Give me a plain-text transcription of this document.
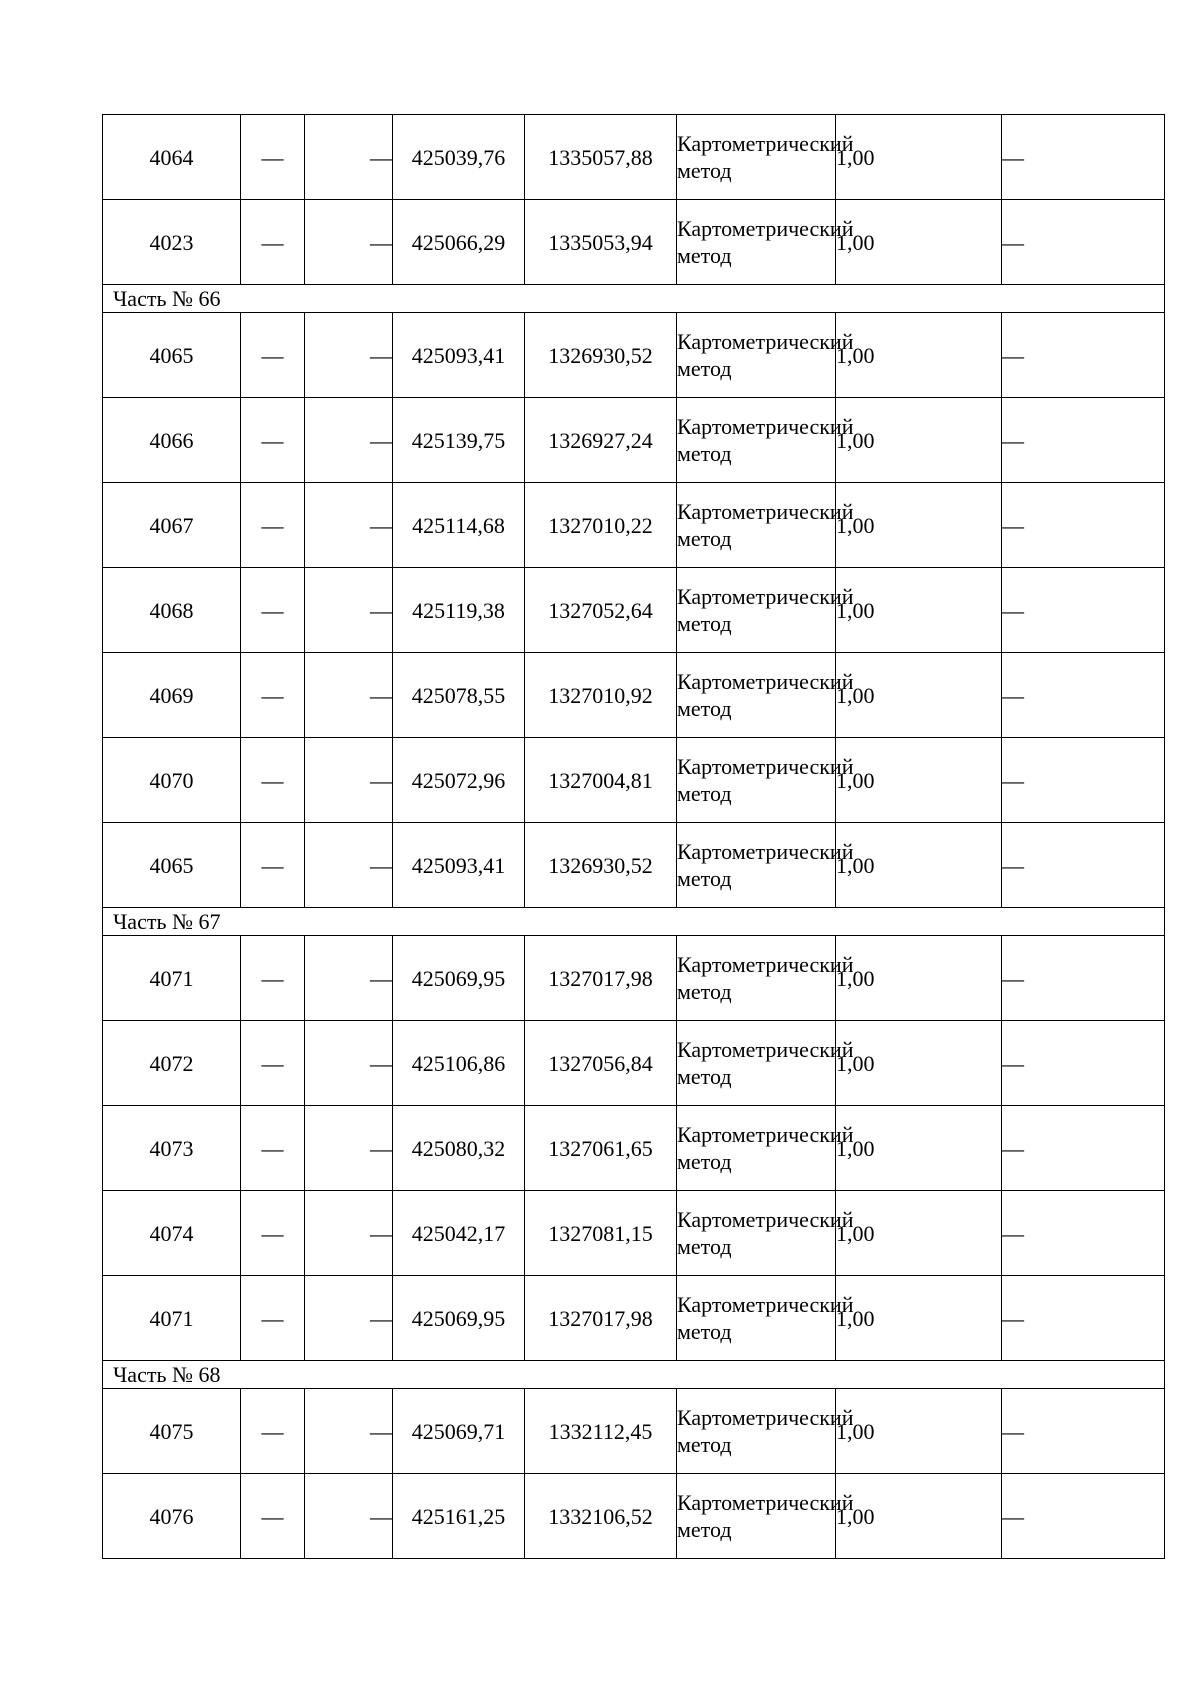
4064	—	—	425039,76	1335057,88	Картометрический метод	1,00	—
4023	—	—	425066,29	1335053,94	Картометрический метод	1,00	—
Часть № 66							
4065	—	—	425093,41	1326930,52	Картометрический метод	1,00	—
4066	—	—	425139,75	1326927,24	Картометрический метод	1,00	—
4067	—	—	425114,68	1327010,22	Картометрический метод	1,00	—
4068	—	—	425119,38	1327052,64	Картометрический метод	1,00	—
4069	—	—	425078,55	1327010,92	Картометрический метод	1,00	—
4070	—	—	425072,96	1327004,81	Картометрический метод	1,00	—
4065	—	—	425093,41	1326930,52	Картометрический метод	1,00	—
Часть № 67							
4071	—	—	425069,95	1327017,98	Картометрический метод	1,00	—
4072	—	—	425106,86	1327056,84	Картометрический метод	1,00	—
4073	—	—	425080,32	1327061,65	Картометрический метод	1,00	—
4074	—	—	425042,17	1327081,15	Картометрический метод	1,00	—
4071	—	—	425069,95	1327017,98	Картометрический метод	1,00	—
Часть № 68							
4075	—	—	425069,71	1332112,45	Картометрический метод	1,00	—
4076	—	—	425161,25	1332106,52	Картометрический метод	1,00	—
